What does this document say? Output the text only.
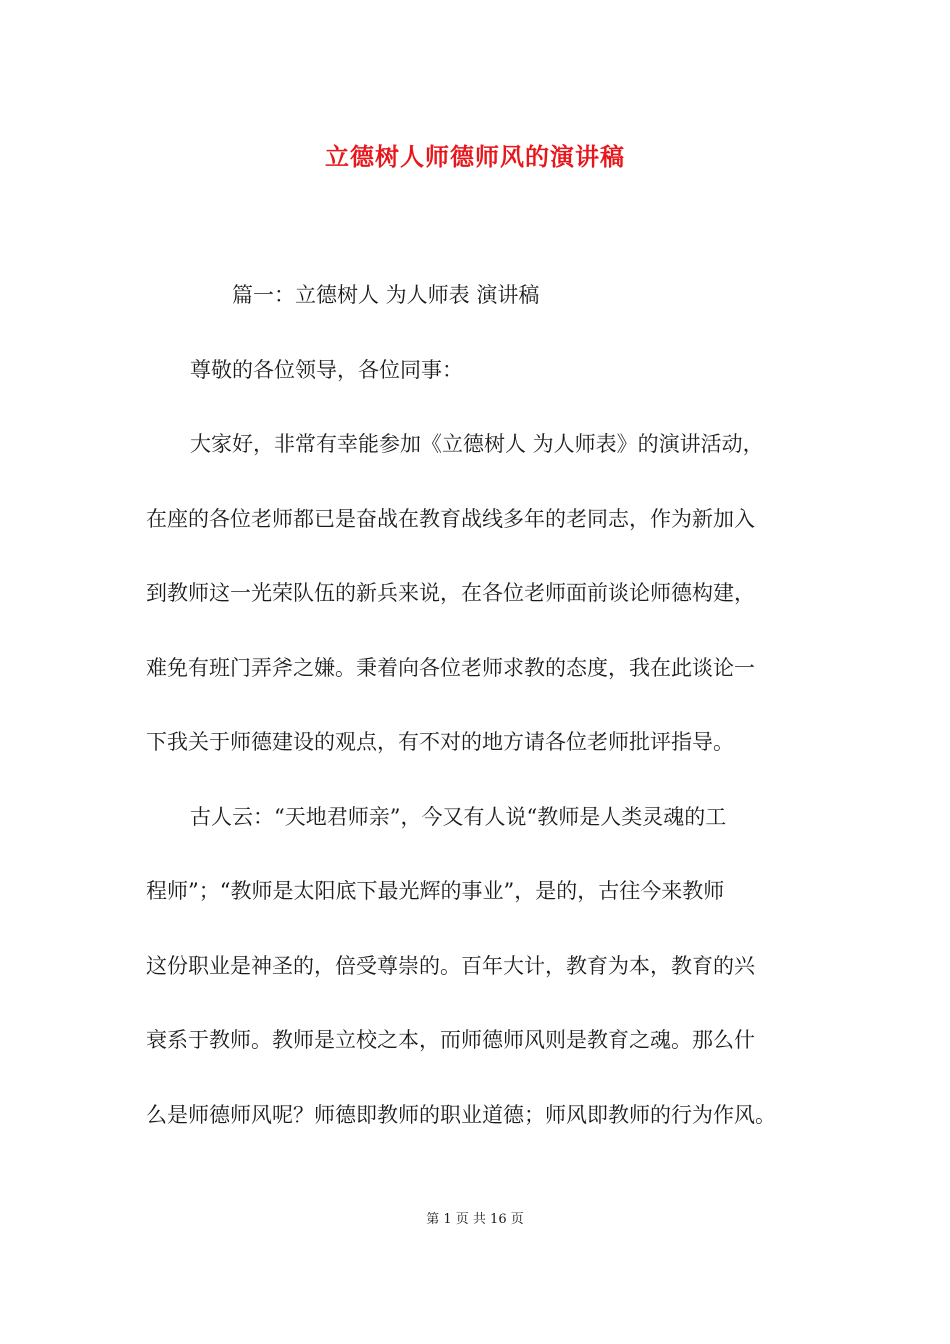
立德树人师德师风的演讲稿
篇一：立德树人 为人师表 演讲稿
尊敬的各位领导，各位同事：
大家好，非常有幸能参加《立德树人 为人师表》的演讲活动，
在座的各位老师都已是奋战在教育战线多年的老同志，作为新加入
到教师这一光荣队伍的新兵来说，在各位老师面前谈论师德构建，
难免有班门弄斧之嫌。秉着向各位老师求教的态度，我在此谈论一
下我关于师德建设的观点，有不对的地方请各位老师批评指导。
古人云：“天地君师亲”，今又有人说“教师是人类灵魂的工
程师”；“教师是太阳底下最光辉的事业”，是的，古往今来教师
这份职业是神圣的，倍受尊崇的。百年大计，教育为本，教育的兴
衰系于教师。教师是立校之本，而师德师风则是教育之魂。那么什
么是师德师风呢？师德即教师的职业道德；师风即教师的行为作风。
第 1 页 共 16 页
